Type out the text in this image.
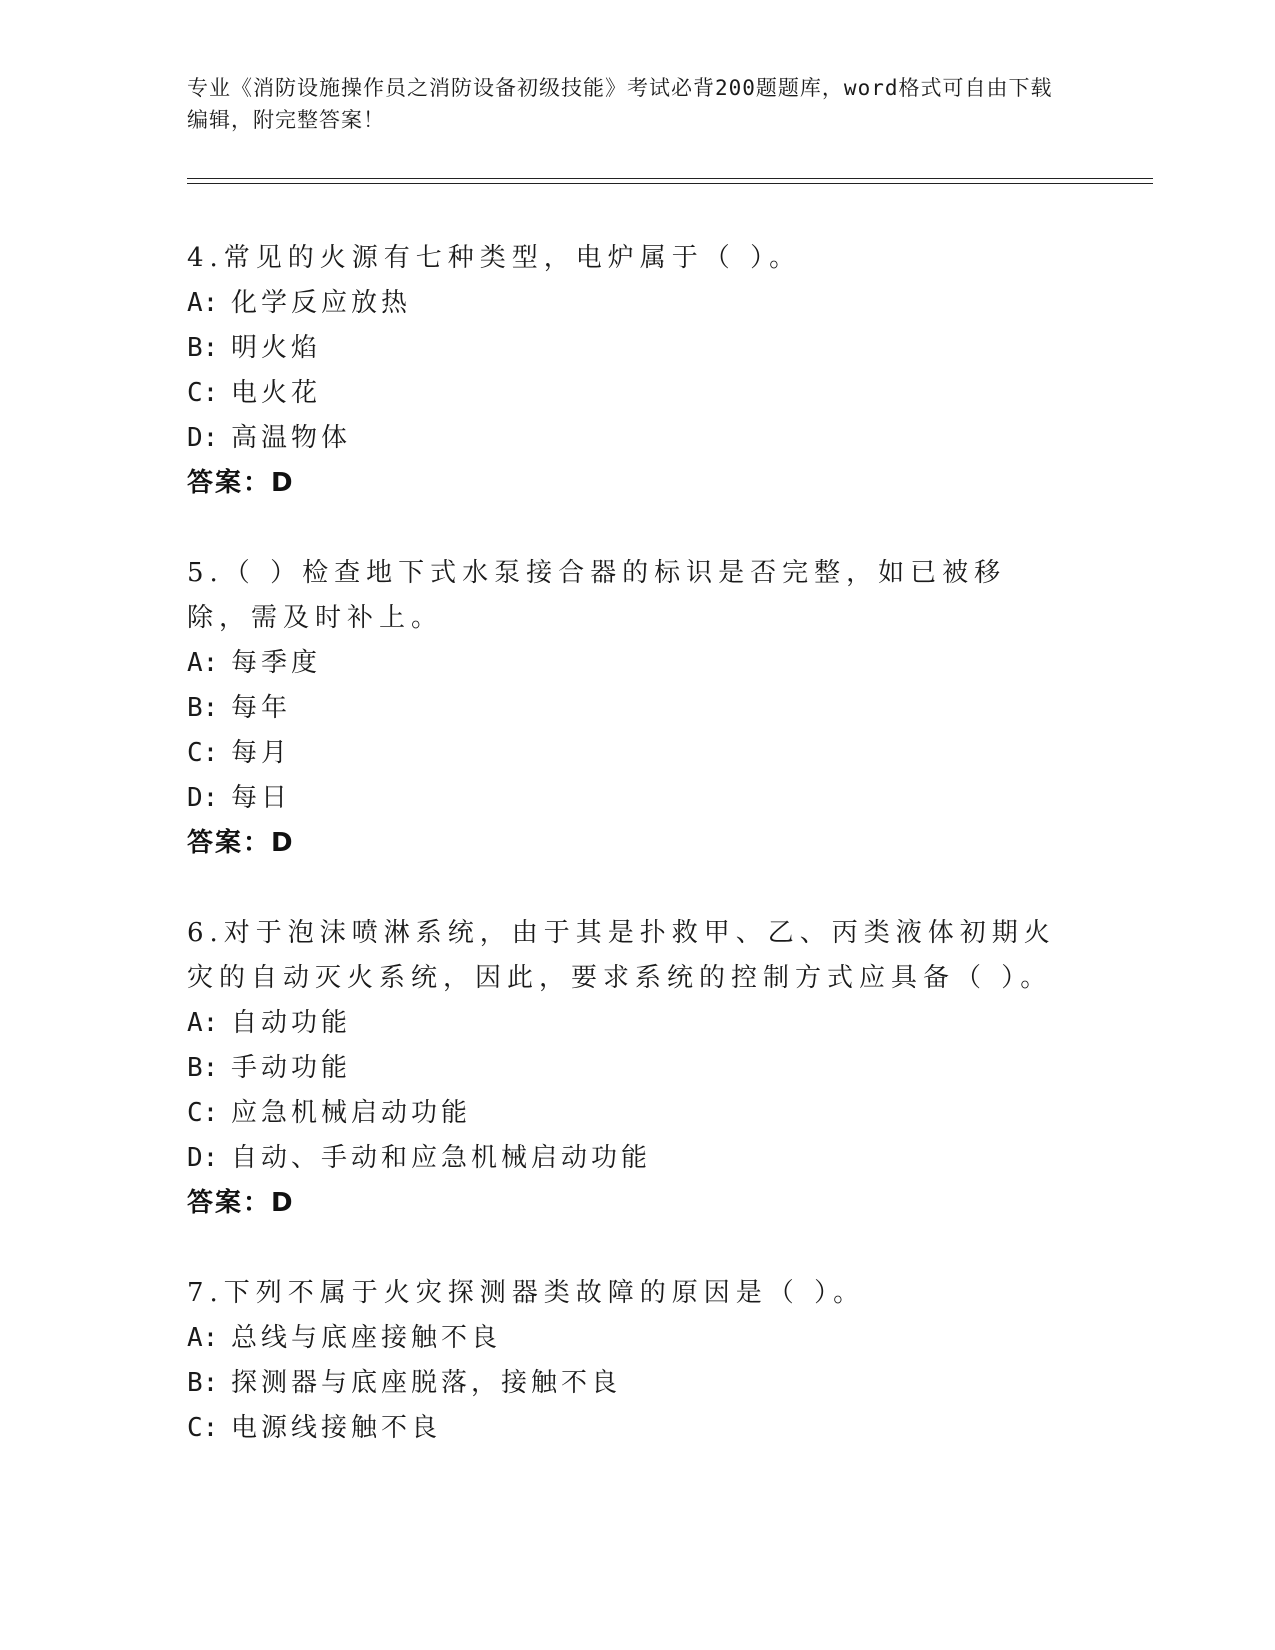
专业《消防设施操作员之消防设备初级技能》考试必背200题题库，word格式可自由下载编辑，附完整答案！

4.常见的火源有七种类型，电炉属于（ ）。

A: 化学反应放热

B: 明火焰

C: 电火花

D: 高温物体

答案：D

5.（ ）检查地下式水泵接合器的标识是否完整，如已被移除，需及时补上。

A: 每季度

B: 每年

C: 每月

D: 每日

答案：D

6.对于泡沫喷淋系统，由于其是扑救甲、乙、丙类液体初期火灾的自动灭火系统，因此，要求系统的控制方式应具备（ ）。

A: 自动功能

B: 手动功能

C: 应急机械启动功能

D: 自动、手动和应急机械启动功能

答案：D

7.下列不属于火灾探测器类故障的原因是（ ）。

A: 总线与底座接触不良

B: 探测器与底座脱落，接触不良

C: 电源线接触不良
